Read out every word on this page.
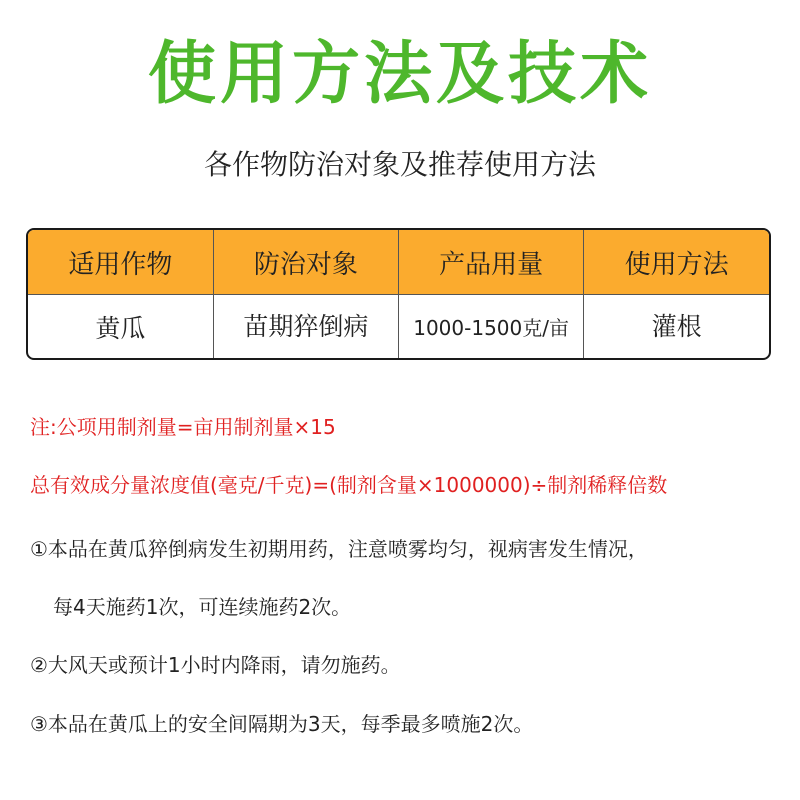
使用方法及技术
各作物防治对象及推荐使用方法
适用作物	防治对象	产品用量	使用方法
黄瓜	苗期猝倒病	1000-1500克/亩	灌根
注:公项用制剂量=亩用制剂量×15
总有效成分量浓度值(毫克/千克)=(制剂含量×1000000)÷制剂稀释倍数
①本品在黄瓜猝倒病发生初期用药，注意喷雾均匀，视病害发生情况，
每4天施药1次，可连续施药2次。
②大风天或预计1小时内降雨，请勿施药。
③本品在黄瓜上的安全间隔期为3天，每季最多喷施2次。
